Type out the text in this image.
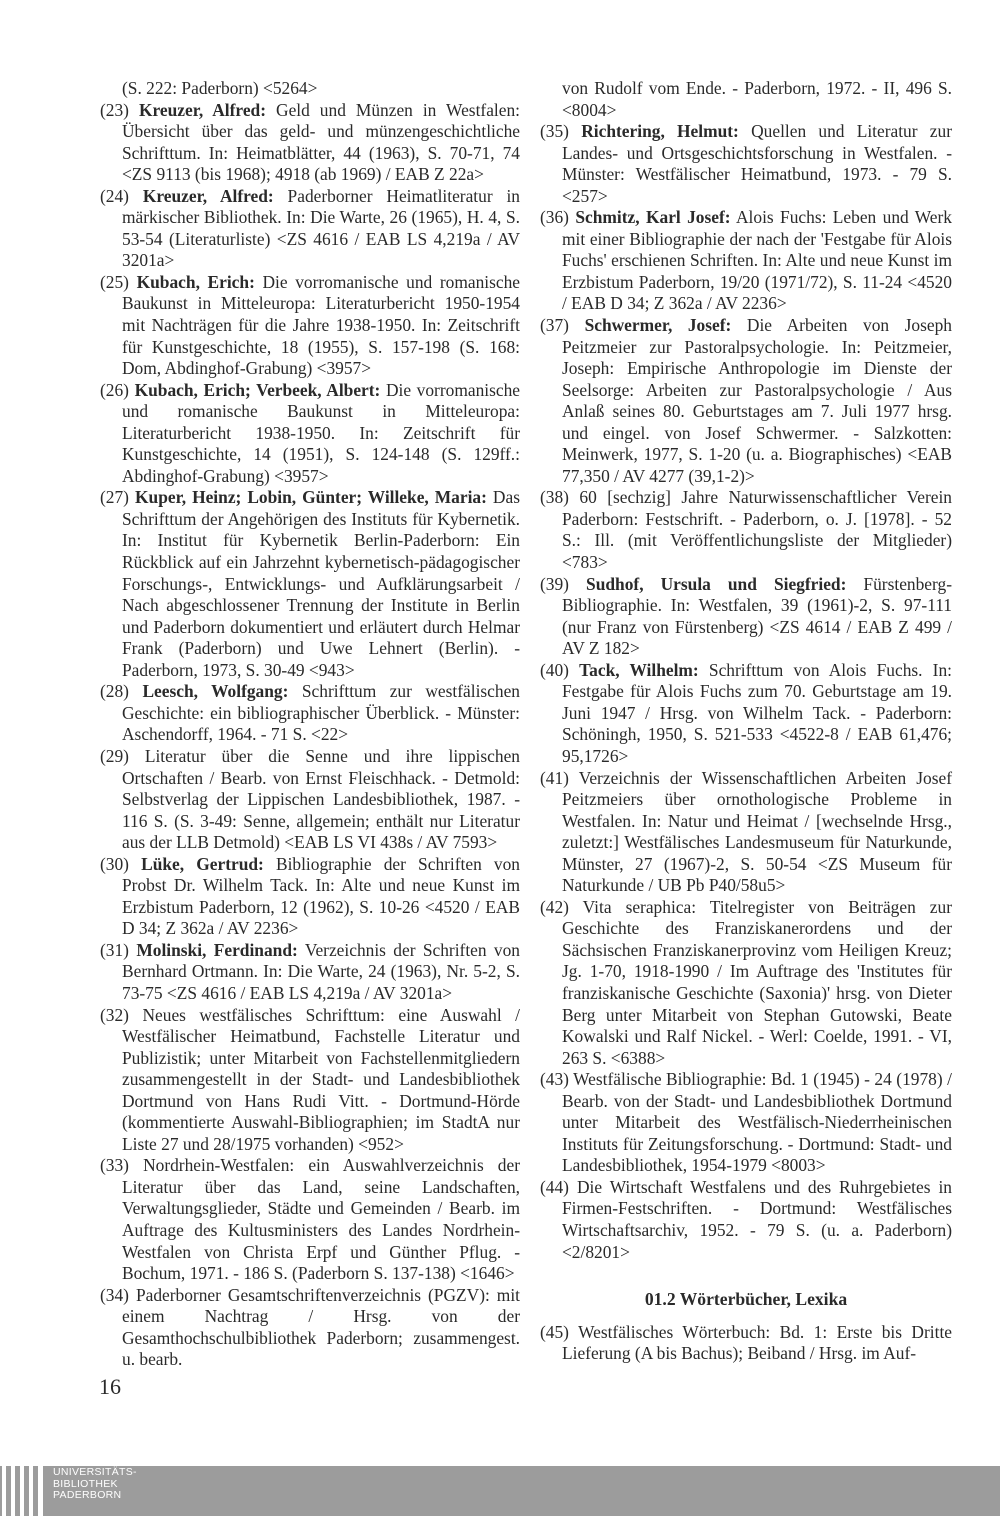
(S. 222: Paderborn) <5264>

(23) Kreuzer, Alfred: Geld und Münzen in Westfalen: Übersicht über das geld- und münzengeschichtliche Schrifttum. In: Heimatblätter, 44 (1963), S. 70-71, 74 <ZS 9113 (bis 1968); 4918 (ab 1969) / EAB Z 22a>

(24) Kreuzer, Alfred: Paderborner Heimatliteratur in märkischer Bibliothek. In: Die Warte, 26 (1965), H. 4, S. 53-54 (Literaturliste) <ZS 4616 / EAB LS 4,219a / AV 3201a>

(25) Kubach, Erich: Die vorromanische und romanische Baukunst in Mitteleuropa: Literaturbericht 1950-1954 mit Nachträgen für die Jahre 1938-1950. In: Zeitschrift für Kunstgeschichte, 18 (1955), S. 157-198 (S. 168: Dom, Abdinghof-Grabung) <3957>

(26) Kubach, Erich; Verbeek, Albert: Die vorromanische und romanische Baukunst in Mitteleuropa: Literaturbericht 1938-1950. In: Zeitschrift für Kunstgeschichte, 14 (1951), S. 124-148 (S. 129ff.: Abdinghof-Grabung) <3957>

(27) Kuper, Heinz; Lobin, Günter; Willeke, Maria: Das Schrifttum der Angehörigen des Instituts für Kybernetik. In: Institut für Kybernetik Berlin-Paderborn: Ein Rückblick auf ein Jahrzehnt kybernetisch-pädagogischer Forschungs-, Entwicklungs- und Aufklärungsarbeit / Nach abgeschlossener Trennung der Institute in Berlin und Paderborn dokumentiert und erläutert durch Helmar Frank (Paderborn) und Uwe Lehnert (Berlin). - Paderborn, 1973, S. 30-49 <943>

(28) Leesch, Wolfgang: Schrifttum zur westfälischen Geschichte: ein bibliographischer Überblick. - Münster: Aschendorff, 1964. - 71 S. <22>

(29) Literatur über die Senne und ihre lippischen Ortschaften / Bearb. von Ernst Fleischhack. - Detmold: Selbstverlag der Lippischen Landesbibliothek, 1987. - 116 S. (S. 3-49: Senne, allgemein; enthält nur Literatur aus der LLB Detmold) <EAB LS VI 438s / AV 7593>

(30) Lüke, Gertrud: Bibliographie der Schriften von Probst Dr. Wilhelm Tack. In: Alte und neue Kunst im Erzbistum Paderborn, 12 (1962), S. 10-26 <4520 / EAB D 34; Z 362a / AV 2236>

(31) Molinski, Ferdinand: Verzeichnis der Schriften von Bernhard Ortmann. In: Die Warte, 24 (1963), Nr. 5-2, S. 73-75 <ZS 4616 / EAB LS 4,219a / AV 3201a>

(32) Neues westfälisches Schrifttum: eine Auswahl / Westfälischer Heimatbund, Fachstelle Literatur und Publizistik; unter Mitarbeit von Fachstellenmitgliedern zusammengestellt in der Stadt- und Landesbibliothek Dortmund von Hans Rudi Vitt. - Dortmund-Hörde (kommentierte Auswahl-Bibliographien; im StadtA nur Liste 27 und 28/1975 vorhanden) <952>

(33) Nordrhein-Westfalen: ein Auswahlverzeichnis der Literatur über das Land, seine Landschaften, Verwaltungsglieder, Städte und Gemeinden / Bearb. im Auftrage des Kultusministers des Landes Nordrhein-Westfalen von Christa Erpf und Günther Pflug. - Bochum, 1971. - 186 S. (Paderborn S. 137-138) <1646>

(34) Paderborner Gesamtschriftenverzeichnis (PGZV): mit einem Nachtrag / Hrsg. von der Gesamthochschulbibliothek Paderborn; zusammengest. u. bearb.

von Rudolf vom Ende. - Paderborn, 1972. - II, 496 S. <8004>

(35) Richtering, Helmut: Quellen und Literatur zur Landes- und Ortsgeschichtsforschung in Westfalen. - Münster: Westfälischer Heimatbund, 1973. - 79 S. <257>

(36) Schmitz, Karl Josef: Alois Fuchs: Leben und Werk mit einer Bibliographie der nach der 'Festgabe für Alois Fuchs' erschienen Schriften. In: Alte und neue Kunst im Erzbistum Paderborn, 19/20 (1971/72), S. 11-24 <4520 / EAB D 34; Z 362a / AV 2236>

(37) Schwermer, Josef: Die Arbeiten von Joseph Peitzmeier zur Pastoralpsychologie. In: Peitzmeier, Joseph: Empirische Anthropologie im Dienste der Seelsorge: Arbeiten zur Pastoralpsychologie / Aus Anlaß seines 80. Geburtstages am 7. Juli 1977 hrsg. und eingel. von Josef Schwermer. - Salzkotten: Meinwerk, 1977, S. 1-20 (u. a. Biographisches) <EAB 77,350 / AV 4277 (39,1-2)>

(38) 60 [sechzig] Jahre Naturwissenschaftlicher Verein Paderborn: Festschrift. - Paderborn, o. J. [1978]. - 52 S.: Ill. (mit Veröffentlichungsliste der Mitglieder) <783>

(39) Sudhof, Ursula und Siegfried: Fürstenberg-Bibliographie. In: Westfalen, 39 (1961)-2, S. 97-111 (nur Franz von Fürstenberg) <ZS 4614 / EAB Z 499 / AV Z 182>

(40) Tack, Wilhelm: Schrifttum von Alois Fuchs. In: Festgabe für Alois Fuchs zum 70. Geburtstage am 19. Juni 1947 / Hrsg. von Wilhelm Tack. - Paderborn: Schöningh, 1950, S. 521-533 <4522-8 / EAB 61,476; 95,1726>

(41) Verzeichnis der Wissenschaftlichen Arbeiten Josef Peitzmeiers über ornothologische Probleme in Westfalen. In: Natur und Heimat / [wechselnde Hrsg., zuletzt:] Westfälisches Landesmuseum für Naturkunde, Münster, 27 (1967)-2, S. 50-54 <ZS Museum für Naturkunde / UB Pb P40/58u5>

(42) Vita seraphica: Titelregister von Beiträgen zur Geschichte des Franziskanerordens und der Sächsischen Franziskanerprovinz vom Heiligen Kreuz; Jg. 1-70, 1918-1990 / Im Auftrage des 'Institutes für franziskanische Geschichte (Saxonia)' hrsg. von Dieter Berg unter Mitarbeit von Stephan Gutowski, Beate Kowalski und Ralf Nickel. - Werl: Coelde, 1991. - VI, 263 S. <6388>

(43) Westfälische Bibliographie: Bd. 1 (1945) - 24 (1978) / Bearb. von der Stadt- und Landesbibliothek Dortmund unter Mitarbeit des Westfälisch-Niederrheinischen Instituts für Zeitungsforschung. - Dortmund: Stadt- und Landesbibliothek, 1954-1979 <8003>

(44) Die Wirtschaft Westfalens und des Ruhrgebietes in Firmen-Festschriften. - Dortmund: Westfälisches Wirtschaftsarchiv, 1952. - 79 S. (u. a. Paderborn) <2/8201>

01.2 Wörterbücher, Lexika

(45) Westfälisches Wörterbuch: Bd. 1: Erste bis Dritte Lieferung (A bis Bachus); Beiband / Hrsg. im Auf-

16
UNIVERSITÄTS-
BIBLIOTHEK
PADERBORN
